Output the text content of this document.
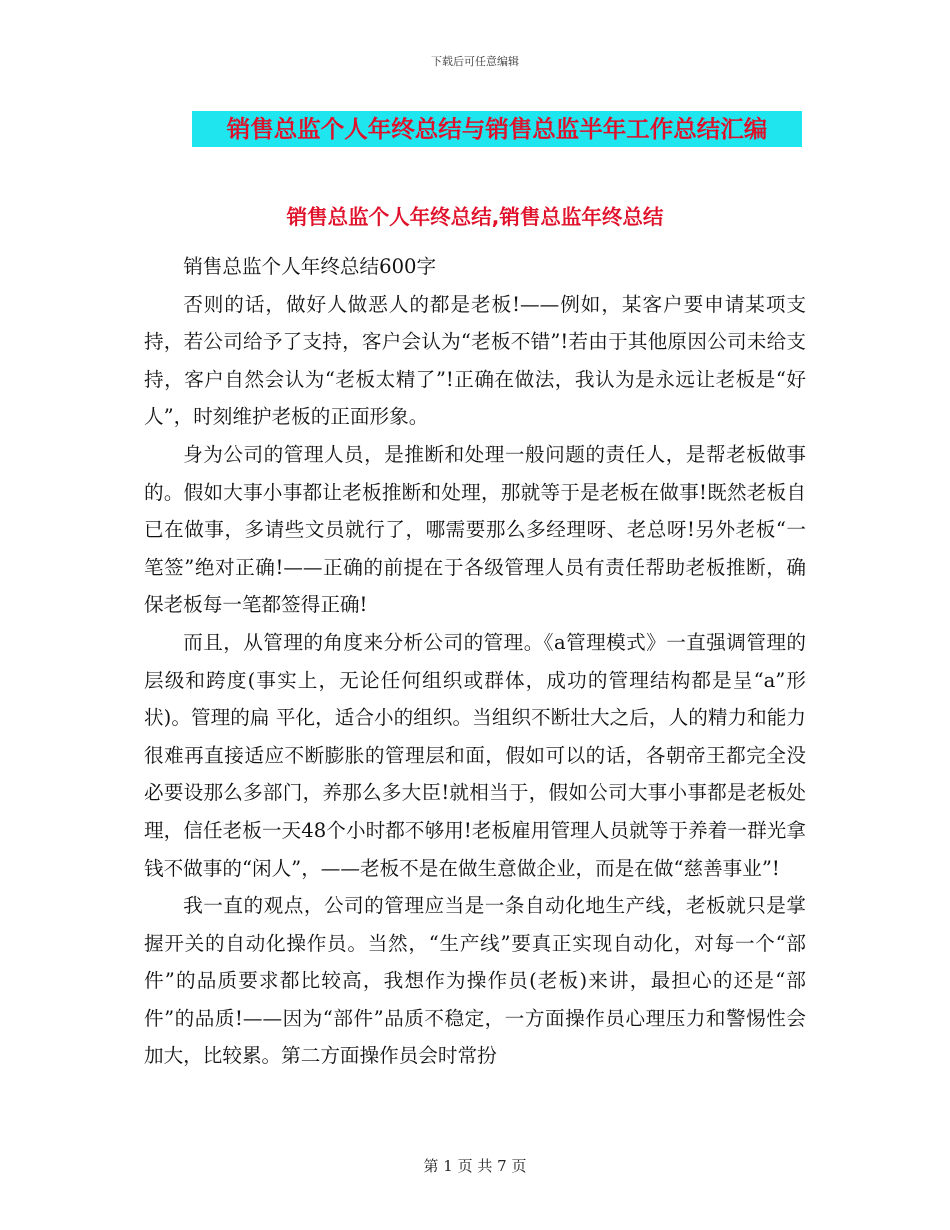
下载后可任意编辑
销售总监个人年终总结与销售总监半年工作总结汇编
销售总监个人年终总结,销售总监年终总结

销售总监个人年终总结600字

否则的话，做好人做恶人的都是老板!——例如，某客户要申请某项支持，若公司给予了支持，客户会认为“老板不错”!若由于其他原因公司未给支持，客户自然会认为“老板太精了”!正确在做法，我认为是永远让老板是“好人”，时刻维护老板的正面形象。

身为公司的管理人员，是推断和处理一般问题的责任人，是帮老板做事的。假如大事小事都让老板推断和处理，那就等于是老板在做事!既然老板自已在做事，多请些文员就行了，哪需要那么多经理呀、老总呀!另外老板“一笔签”绝对正确!——正确的前提在于各级管理人员有责任帮助老板推断，确保老板每一笔都签得正确!

而且，从管理的角度来分析公司的管理。《a管理模式》一直强调管理的层级和跨度(事实上，无论任何组织或群体，成功的管理结构都是呈“a”形状)。管理的扁 平化，适合小的组织。当组织不断壮大之后，人的精力和能力很难再直接适应不断膨胀的管理层和面，假如可以的话，各朝帝王都完全没必要设那么多部门，养那么多大臣!就相当于，假如公司大事小事都是老板处理，信任老板一天48个小时都不够用!老板雇用管理人员就等于养着一群光拿钱不做事的“闲人”，——老板不是在做生意做企业，而是在做“慈善事业”!

我一直的观点，公司的管理应当是一条自动化地生产线，老板就只是掌握开关的自动化操作员。当然，“生产线”要真正实现自动化，对每一个“部件”的品质要求都比较高，我想作为操作员(老板)来讲，最担心的还是“部件”的品质!——因为“部件”品质不稳定，一方面操作员心理压力和警惕性会加大，比较累。第二方面操作员会时常扮

第 1 页 共 7 页
